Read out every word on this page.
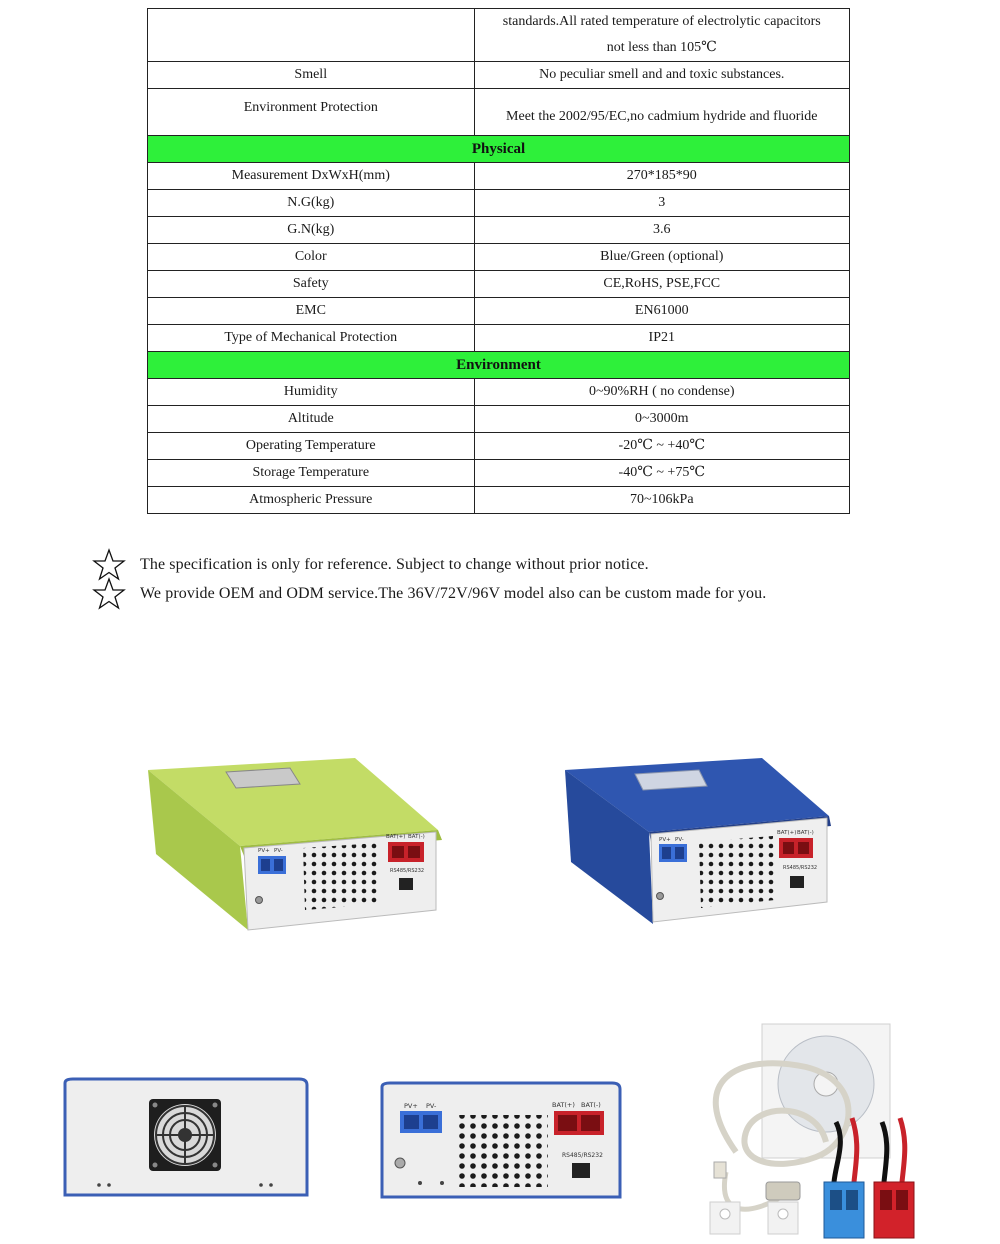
	standards.All rated temperature of electrolytic capacitors
not less than 105℃

Smell	No peculiar smell and and toxic substances.

Environment Protection	Meet the 2002/95/EC,no cadmium hydride and fluoride

Physical	
Measurement DxWxH(mm)	270*185*90
N.G(kg)	3
G.N(kg)	3.6
Color	Blue/Green (optional)
Safety	CE,RoHS, PSE,FCC
EMC	EN61000
Type of Mechanical Protection	IP21
Environment	
Humidity	0~90%RH ( no condense)
Altitude	0~3000m
Operating Temperature	-20℃ ~ +40℃
Storage Temperature	-40℃ ~ +75℃
Atmospheric Pressure	70~106kPa
The specification is only for reference. Subject to change without prior notice.
We provide OEM and ODM service.The 36V/72V/96V model also can be custom made for you.
PV+ PV-
BAT(+) BAT(-)
RS485/RS232
PV+ PV-
BAT(+) BAT(-)
RS485/RS232
PV+ PV-	BAT(+) BAT(-)
RS485/RS232
